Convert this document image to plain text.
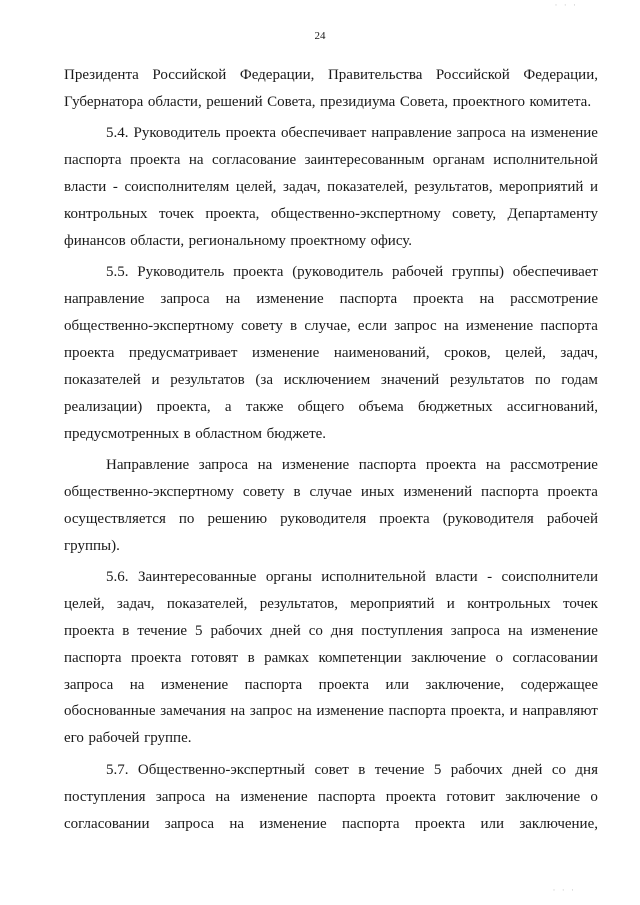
· · ·
24
Президента Российской Федерации, Правительства Российской Федерации,
Губернатора области, решений Совета, президиума Совета, проектного комитета.
5.4. Руководитель проекта обеспечивает направление запроса на изменение
паспорта проекта на согласование заинтересованным органам исполнительной
власти - соисполнителям целей, задач, показателей, результатов, мероприятий и
контрольных точек проекта, общественно-экспертному совету, Департаменту
финансов области, региональному проектному офису.
5.5. Руководитель проекта (руководитель рабочей группы) обеспечивает
направление запроса на изменение паспорта проекта на рассмотрение
общественно-экспертному совету в случае, если запрос на изменение паспорта
проекта предусматривает изменение наименований, сроков, целей, задач,
показателей и результатов (за исключением значений результатов по годам
реализации) проекта, а также общего объема бюджетных ассигнований,
предусмотренных в областном бюджете.
Направление запроса на изменение паспорта проекта на рассмотрение
общественно-экспертному совету в случае иных изменений паспорта проекта
осуществляется по решению руководителя проекта (руководителя рабочей
группы).
5.6. Заинтересованные органы исполнительной власти - соисполнители
целей, задач, показателей, результатов, мероприятий и контрольных точек
проекта в течение 5 рабочих дней со дня поступления запроса на изменение
паспорта проекта готовят в рамках компетенции заключение о согласовании
запроса на изменение паспорта проекта или заключение, содержащее
обоснованные замечания на запрос на изменение паспорта проекта, и направляют
его рабочей группе.
5.7. Общественно-экспертный совет в течение 5 рабочих дней со дня
поступления запроса на изменение паспорта проекта готовит заключение о
согласовании запроса на изменение паспорта проекта или заключение,
· · ·
